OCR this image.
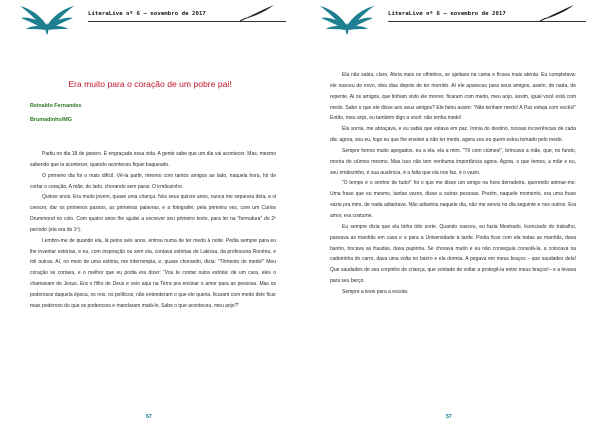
LiteraLive nº 6 – novembro de 2017
Era muito para o coração de um pobre pai!
Reinaldo Fernandes
Brumadinho/MG

Partiu no dia 18 de janeiro. É engraçada essa vida. A gente sabe que um dia vai acontecer. Mas, mesmo sabendo que ia acontecer, quando aconteceu fiquei baqueado.

O primeiro dia foi o mais difícil. Vê-la partir, mesmo com tantos amigos ao lado, naquela hora, foi de cortar o coração. A mãe, do lado, chorando sem parar. O irmãozinho.

Quinze anos. Era muito jovem, quase uma criança. Nos seus quinze anos, nunca me separara dela, a vi crescer, dar os primeiros passos, as primeiras palavras, e a fotografei, pela primeira vez, com um Carlos Drummond no colo. Com quatro anos lhe ajudei a escrever seu primeiro texto, para ler na “formatura” do 2º período (ela era do 1º).

Lembro-me de quando ela, lá pelos seis anos, entrou numa de ter medo à noite. Pedia sempre para eu lhe inventar estórias, e eu, com inspiração ou sem ela, contava estórias de Lakissa, da professora Ronéria, e mil outras. Aí, no meio de uma estória, me interrompia, e, quase chorando, dizia: “Tômento de medo!” Meu coração se cortava, e o melhor que eu podia era dizer: “Vou te contar outra estória: de um cara, eles o chamavam de Jesus. Era o filho de Deus e veio aqui na Terra pra ensinar o amor para as pessoas. Mas os poderosos daquela época, os reis, os políticos, não entenderam o que ele queria, ficaram com medo dele ficar mais poderoso do que os poderosos e mandaram matá-lo. Sabe o que aconteceu, meu anjo?”

57
LiteraLive nº 6 – novembro de 2017

Ela não sabia, claro. Abria mais os olhinhos, se ajeitava na cama e ficava mais atenta. Eu completava: ele nasceu de novo, dois dias depois de ter morrido. Aí ele apareceu para seus amigos, assim, do nada, de repente. Ai os amigos, que tinham visto ele morrer, ficaram com medo, meu anjo, assim, igual você está com medo. Sabe o que ele disse aos seus amigos? Ele falou assim: “Não tenham medo! A Paz esteja com vocês!” Então, meu anjo, eu também digo a você: não tenha medo!

Ela sorria, me abraçava, e eu sabia que estava em paz. Ironia do destino, nossas incoerências de cada dia: agora, sou eu, logo eu que lhe ensinei a não ter medo, agora sou eu quem estou tomado pelo medo.

Sempre fomos muito apegados, eu a ela, ela a mim. “Tô com ciúmes!”, brincava a mãe, que, no fundo, morria de ciúmes mesmo. Mas isso não tem nenhuma importância agora. Agora, o que temos, a mãe e eu, seu irmãozinho, é sua ausência, é a falta que ela nos faz, é o vazio.

“O tempo é o senhor de tudo!” foi o que me disse um amigo na hora derradeira, querendo animar-me. Uma frase que eu mesmo, tantas vezes, disse a outras pessoas. Porém, naquele momento, era uma frase vazia pra mim, de nada adiantava. Não adiantou naquele dia, não me serviu no dia seguinte e nos outros. Era amor, era costume.

Eu sempre dizia que ela tinha tido sorte. Quando nasceu, eu fazia Mestrado, licenciado do trabalho, passava as manhãs em casa e a para a Universidade à tarde. Podia ficar com ela todas as manhãs, dava banho, trocava as fraudas, dava papinha. Se chorava muito e eu não conseguia consolá-la, a colocava na cadeirinha do carro, dava uma volta no bairro e ela dormia. A pegava em meus braços – que saudades dela! Que saudades de seu corpinho de criança, que vontade de voltar a protegê-la entre meus braços!– e a levava para seu berço.

Sempre a levei para a escola:

57
